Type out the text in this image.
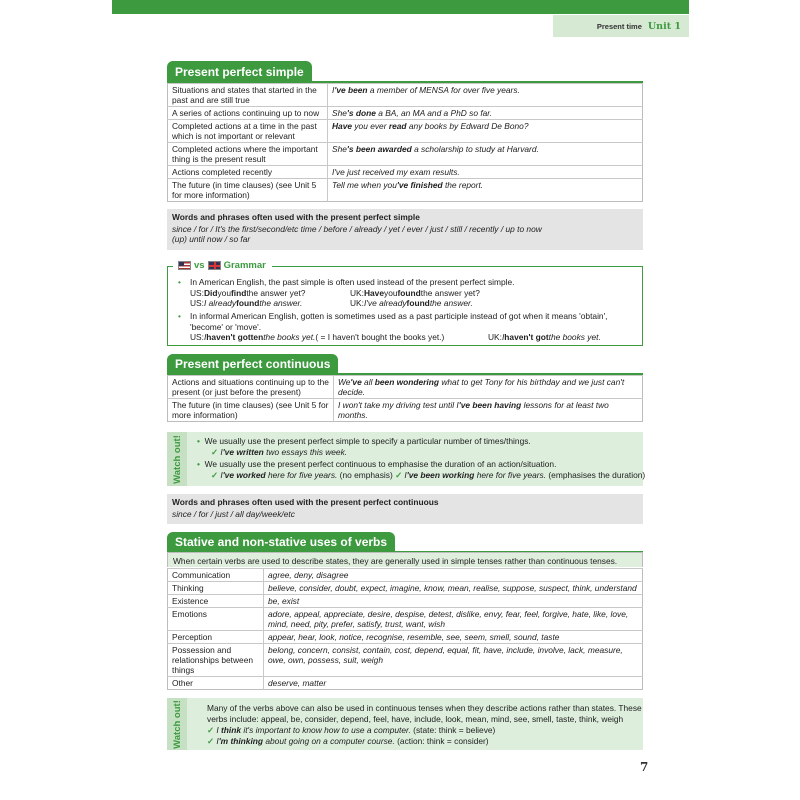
Present time Unit 1
Present perfect simple
Situations and states that started in the past and are still true	I've been a member of MENSA for over five years.
A series of actions continuing up to now	She's done a BA, an MA and a PhD so far.
Completed actions at a time in the past which is not important or relevant	Have you ever read any books by Edward De Bono?
Completed actions where the important thing is the present result	She's been awarded a scholarship to study at Harvard.
Actions completed recently	I've just received my exam results.
The future (in time clauses) (see Unit 5 for more information)	Tell me when you've finished the report.
Words and phrases often used with the present perfect simple
since / for / It's the first/second/etc time / before / already / yet / ever / just / still / recently / up to now
(up) until now / so far
vs Grammar
• In American English, the past simple is often used instead of the present perfect simple.
US:Didyoufindthe answer yet?	UK:Haveyoufoundthe answer yet?
US:I alreadyfoundthe answer.	UK:I've alreadyfoundthe answer.
• In informal American English, gotten is sometimes used as a past participle instead of got when it means 'obtain',
'become' or 'move'.
US:Ihaven't gottenthe books yet.( = I haven't bought the books yet.)	UK:Ihaven't gotthe books yet.
Present perfect continuous
Actions and situations continuing up to the present (or just before the present)	We've all been wondering what to get Tony for his birthday and we just can't decide.
The future (in time clauses) (see Unit 5 for more information)	I won't take my driving test until I've been having lessons for at least two months.
Watch out! • We usually use the present perfect simple to specify a particular number of times/things.
✓ I've written two essays this week.
• We usually use the present perfect continuous to emphasise the duration of an action/situation.
✓ I've worked here for five years. (no emphasis) ✓ I've been working here for five years. (emphasises the duration)
Words and phrases often used with the present perfect continuous
since / for / just / all day/week/etc
Stative and non-stative uses of verbs
When certain verbs are used to describe states, they are generally used in simple tenses rather than continuous tenses.
Communication	agree, deny, disagree
Thinking	believe, consider, doubt, expect, imagine, know, mean, realise, suppose, suspect, think, understand
Existence	be, exist
Emotions	adore, appeal, appreciate, desire, despise, detest, dislike, envy, fear, feel, forgive, hate, like, love, mind, need, pity, prefer, satisfy, trust, want, wish
Perception	appear, hear, look, notice, recognise, resemble, see, seem, smell, sound, taste
Possession and relationships between things	belong, concern, consist, contain, cost, depend, equal, fit, have, include, involve, lack, measure, owe, own, possess, suit, weigh
Other	deserve, matter
Watch out!	Many of the verbs above can also be used in continuous tenses when they describe actions rather than states. These
verbs include: appeal, be, consider, depend, feel, have, include, look, mean, mind, see, smell, taste, think, weigh
✓ I think it's important to know how to use a computer. (state: think = believe)
✓ I'm thinking about going on a computer course. (action: think = consider)
7
